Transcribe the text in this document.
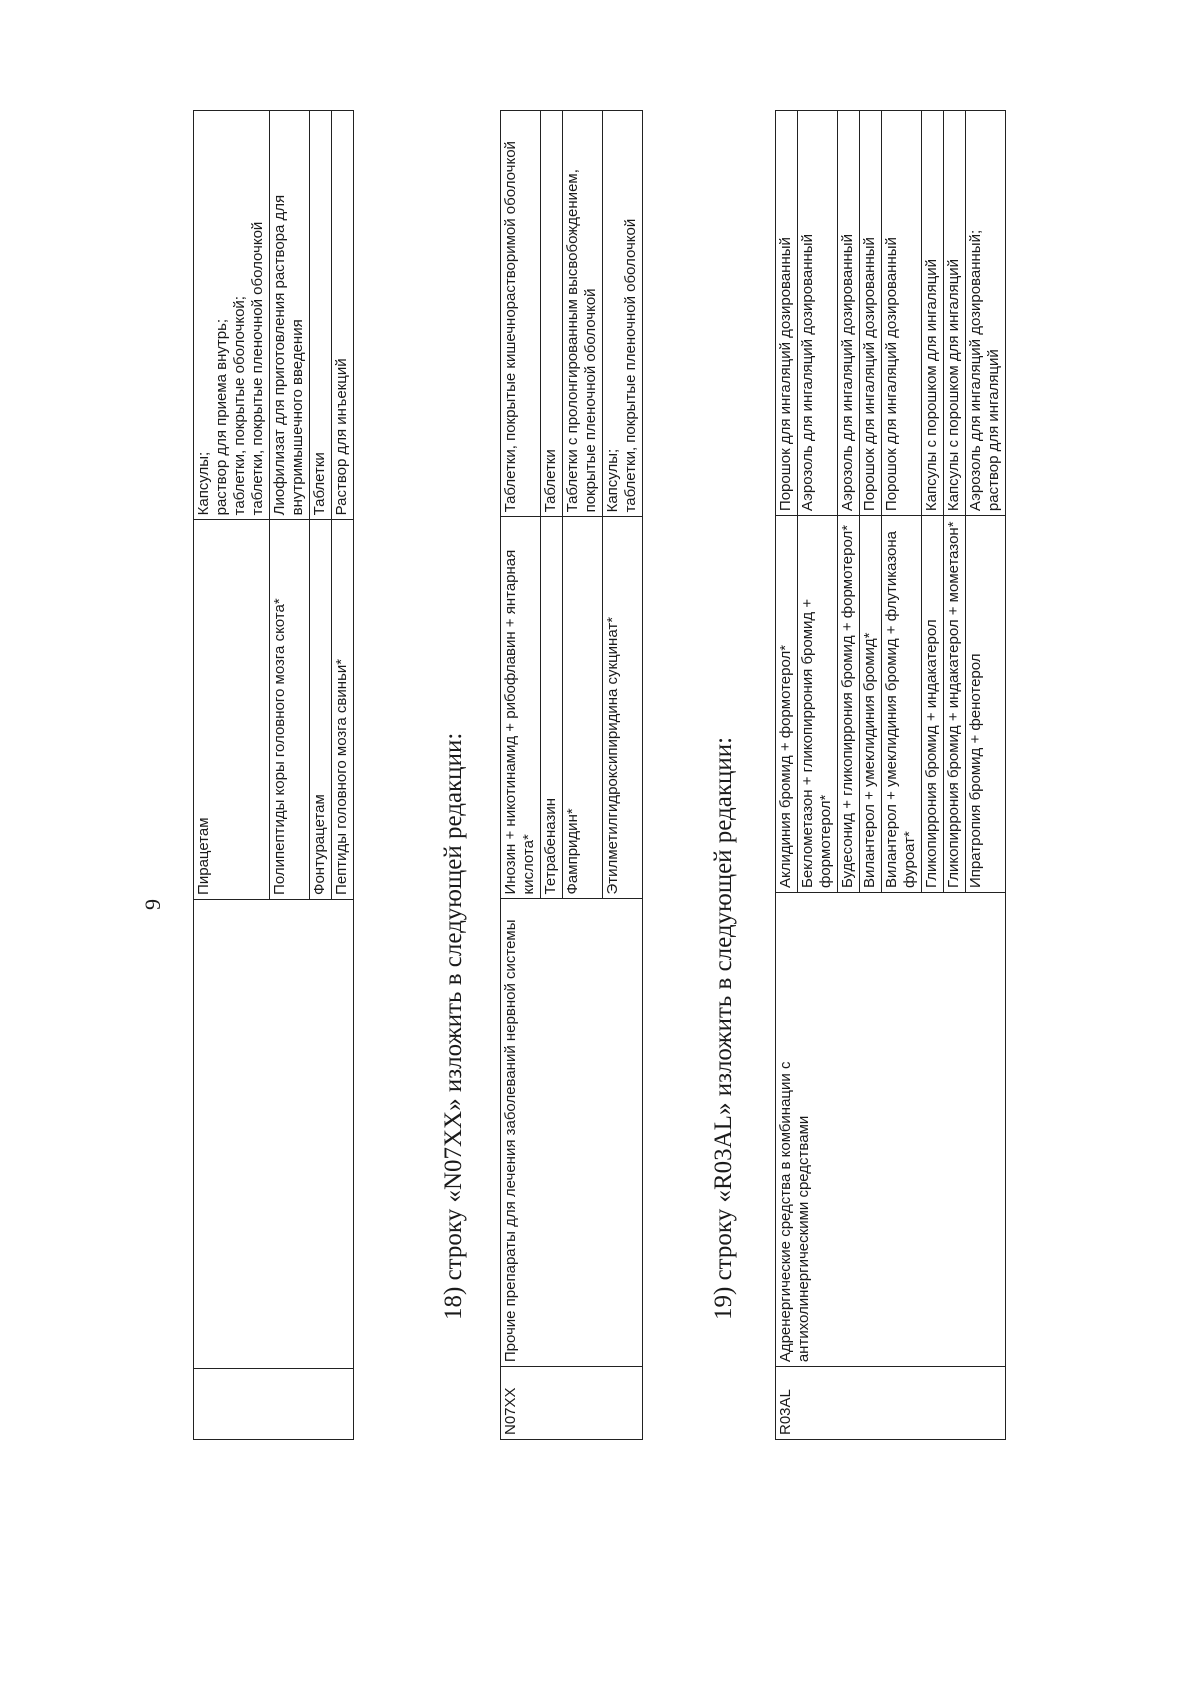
9
		Пирацетам	Капсулы; раствор для приема внутрь; таблетки, покрытые оболочкой; таблетки, покрытые пленочной оболочкой

		Полипептиды коры головного мозга скота*	Лиофилизат для приготовления раствора для внутримышечного введения
		Фонтурацетам	Таблетки
		Пептиды головного мозга свиньи*	Раствор для инъекций
18) строку «N07XX» изложить в следующей редакции:
N07XX	Прочие препараты для лечения заболеваний нервной системы	Инозин + никотинамид + рибофлавин + янтарная кислота*	Таблетки, покрытые кишечнорастворимой оболочкой
		Тетрабеназин	Таблетки
		Фампридин*	Таблетки с пролонгированным высвобождением, покрытые пленочной оболочкой
		Этилметилгидроксипиридина сукцинат*	Капсулы; таблетки, покрытые пленочной оболочкой
19) строку «R03AL» изложить в следующей редакции:
R03AL	Адренергические средства в комбинации с антихолинергическими средствами	Аклидиния бромид + формотерол*	Порошок для ингаляций дозированный
		Беклометазон + гликопиррония бромид + формотерол*	Аэрозоль для ингаляций дозированный
		Будесонид + гликопиррония бромид + формотерол*	Аэрозоль для ингаляций дозированный
		Вилантерол + умеклидиния бромид*	Порошок для ингаляций дозированный
		Вилантерол + умеклидиния бромид + флутиказона фуроат*	Порошок для ингаляций дозированный
		Гликопиррония бромид + индакатерол	Капсулы с порошком для ингаляций
		Гликопиррония бромид + индакатерол + мометазон*	Капсулы с порошком для ингаляций
		Ипратропия бромид + фенотерол	Аэрозоль для ингаляций дозированный; раствор для ингаляций
